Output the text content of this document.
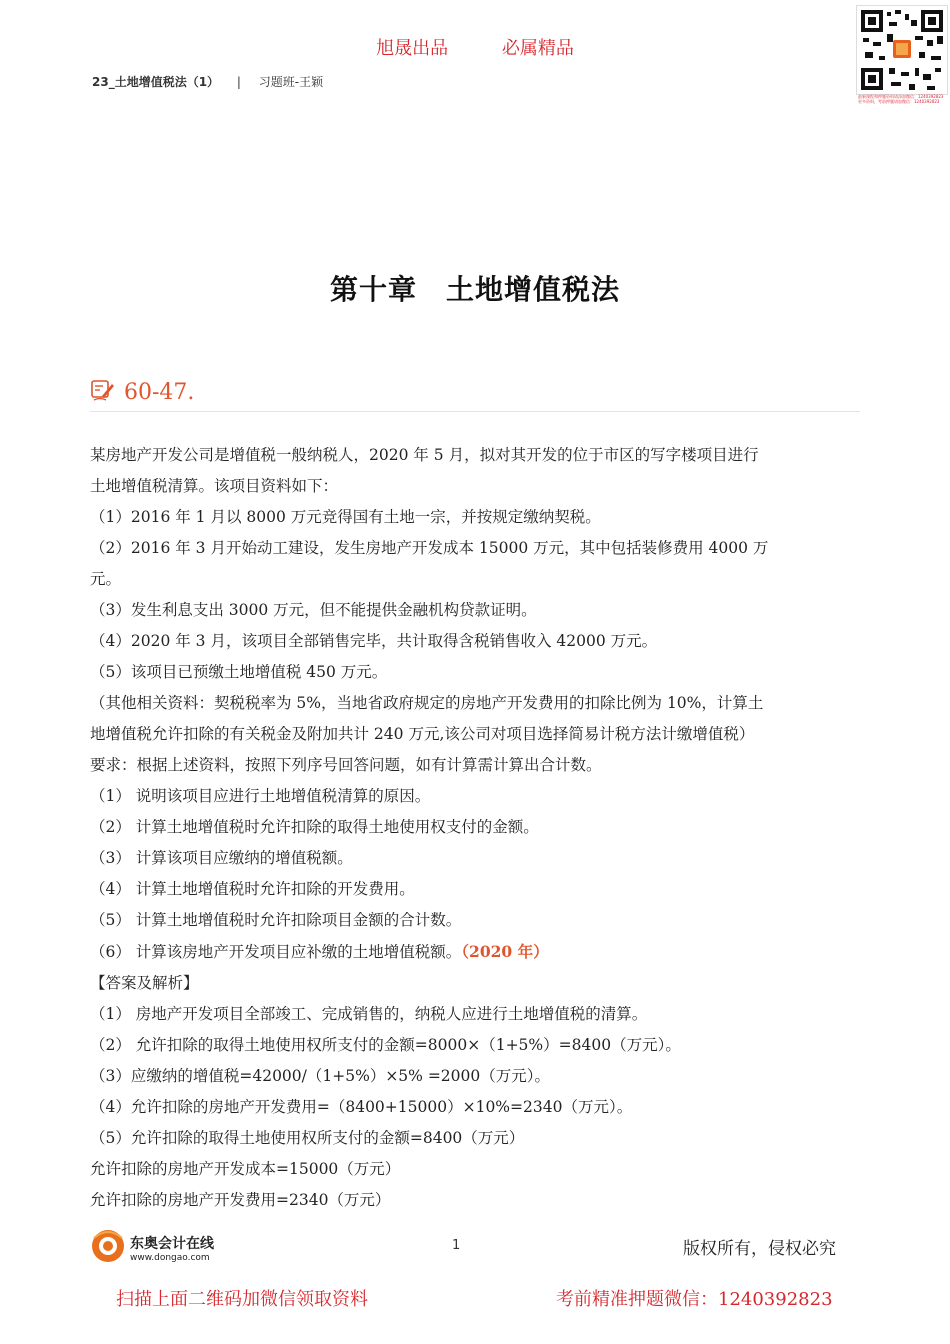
旭晟出品	必属精品
23_土地增值税法（1） | 习题班-王颖
最新课程和押题资料请添加微信：1240392823
更多资料，考前押题请加微信：1240392823
第十章　土地增值税法
60-47.

某房地产开发公司是增值税一般纳税人，2020 年 5 月，拟对其开发的位于市区的写字楼项目进行

土地增值税清算。该项目资料如下：

（1）2016 年 1 月以 8000 万元竞得国有土地一宗，并按规定缴纳契税。

（2）2016 年 3 月开始动工建设，发生房地产开发成本 15000 万元，其中包括装修费用 4000 万

元。

（3）发生利息支出 3000 万元，但不能提供金融机构贷款证明。

（4）2020 年 3 月，该项目全部销售完毕，共计取得含税销售收入 42000 万元。

（5）该项目已预缴土地增值税 450 万元。

（其他相关资料：契税税率为 5%，当地省政府规定的房地产开发费用的扣除比例为 10%，计算土

地增值税允许扣除的有关税金及附加共计 240 万元,该公司对项目选择简易计税方法计缴增值税）

要求：根据上述资料，按照下列序号回答问题，如有计算需计算出合计数。

（1） 说明该项目应进行土地增值税清算的原因。

（2） 计算土地增值税时允许扣除的取得土地使用权支付的金额。

（3） 计算该项目应缴纳的增值税额。

（4） 计算土地增值税时允许扣除的开发费用。

（5） 计算土地增值税时允许扣除项目金额的合计数。

（6） 计算该房地产开发项目应补缴的土地增值税额。（2020 年）

【答案及解析】

（1） 房地产开发项目全部竣工、完成销售的，纳税人应进行土地增值税的清算。

（2） 允许扣除的取得土地使用权所支付的金额=8000×（1+5%）=8400（万元）。

（3）应缴纳的增值税=42000/（1+5%）×5% =2000（万元）。

（4）允许扣除的房地产开发费用=（8400+15000）×10%=2340（万元）。

（5）允许扣除的取得土地使用权所支付的金额=8400（万元）

允许扣除的房地产开发成本=15000（万元）

允许扣除的房地产开发费用=2340（万元）

东奥会计在线
www.dongao.com
1	版权所有，侵权必究
扫描上面二维码加微信领取资料	考前精准押题微信：1240392823
